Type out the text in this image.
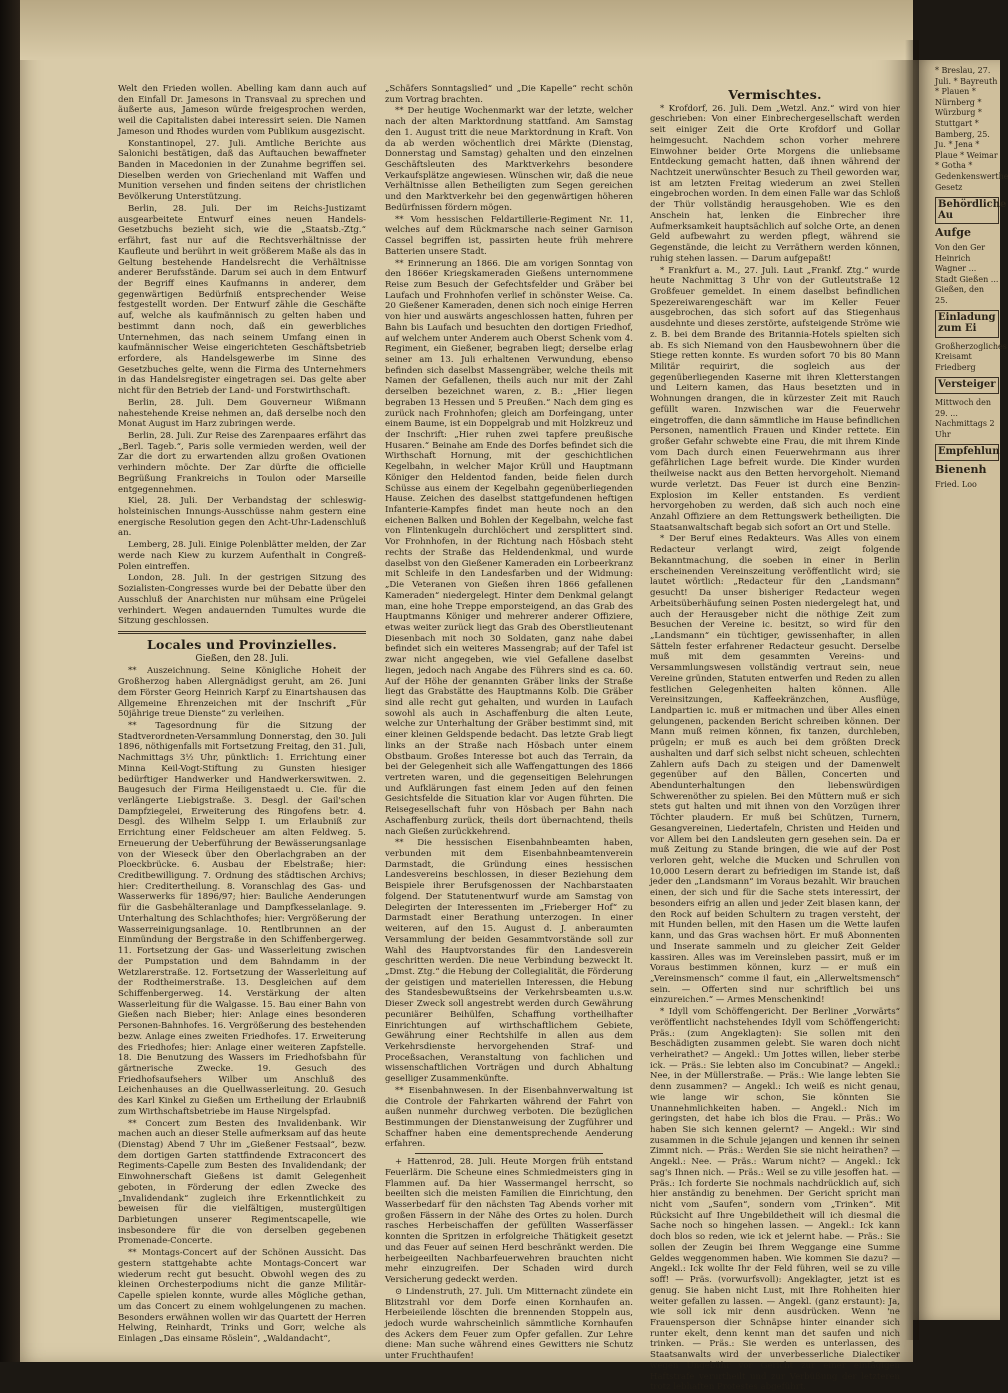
Welt den Frieden wollen. Abelling kam dann auch auf den Einfall Dr. Jamesons in Transvaal zu sprechen und äußerte aus, Jameson würde freigesprochen werden, weil die Capitalisten dabei interessirt seien. Die Namen Jameson und Rhodes wurden vom Publikum ausgezischt.

Konstantinopel, 27. Juli. Amtliche Berichte aus Salonichi bestätigen, daß das Auftauchen bewaffneter Banden in Macedonien in der Zunahme begriffen sei. Dieselben werden von Griechenland mit Waffen und Munition versehen und finden seitens der christlichen Bevölkerung Unterstützung.

Berlin, 28. Juli. Der im Reichs-Justizamt ausgearbeitete Entwurf eines neuen Handels-Gesetzbuchs bezieht sich, wie die „Staatsb.-Ztg.“ erfährt, fast nur auf die Rechtsverhältnisse der Kaufleute und berührt in weit größerem Maße als das in Geltung bestehende Handelsrecht die Verhältnisse anderer Berufsstände. Darum sei auch in dem Entwurf der Begriff eines Kaufmanns in anderer, dem gegenwärtigen Bedürfniß entsprechender Weise festgestellt worden. Der Entwurf zähle die Geschäfte auf, welche als kaufmännisch zu gelten haben und bestimmt dann noch, daß ein gewerbliches Unternehmen, das nach seinem Umfang einen in kaufmännischer Weise eingerichteten Geschäftsbetrieb erfordere, als Handelsgewerbe im Sinne des Gesetzbuches gelte, wenn die Firma des Unternehmers in das Handelsregister eingetragen sei. Das gelte aber nicht für den Betrieb der Land- und Forstwirthschaft.

Berlin, 28. Juli. Dem Gouverneur Wißmann nahestehende Kreise nehmen an, daß derselbe noch den Monat August im Harz zubringen werde.

Berlin, 28. Juli. Zur Reise des Zarenpaares erfährt das „Berl. Tageb.“, Paris solle vermieden werden, weil der Zar die dort zu erwartenden allzu großen Ovationen verhindern möchte. Der Zar dürfte die officielle Begrüßung Frankreichs in Toulon oder Marseille entgegennehmen.

Kiel, 28. Juli. Der Verbandstag der schleswig-holsteinischen Innungs-Ausschüsse nahm gestern eine energische Resolution gegen den Acht-Uhr-Ladenschluß an.

Lemberg, 28. Juli. Einige Polenblätter melden, der Zar werde nach Kiew zu kurzem Aufenthalt in Congreß-Polen eintreffen.

London, 28. Juli. In der gestrigen Sitzung des Sozialisten-Congresses wurde bei der Debatte über den Ausschluß der Anarchisten nur mühsam eine Prügelei verhindert. Wegen andauernden Tumultes wurde die Sitzung geschlossen.

Locales und Provinzielles.
Gießen, den 28. Juli.

** Auszeichnung. Seine Königliche Hoheit der Großherzog haben Allergnädigst geruht, am 26. Juni dem Förster Georg Heinrich Karpf zu Einartshausen das Allgemeine Ehrenzeichen mit der Inschrift „Für 50jährige treue Dienste“ zu verleihen.

** Tagesordnung für die Sitzung der Stadtverordneten-Versammlung Donnerstag, den 30. Juli 1896, nöthigenfalls mit Fortsetzung Freitag, den 31. Juli, Nachmittags 3½ Uhr, pünktlich: 1. Errichtung einer Minna Keil-Vogt-Stiftung zu Gunsten hiesiger bedürftiger Handwerker und Handwerkerswitwen. 2. Baugesuch der Firma Heiligenstaedt u. Cie. für die verlängerte Liebigstraße. 3. Desgl. der Gail'schen Dampfziegelei, Erweiterung des Ringofens betr. 4. Desgl. des Wilhelm Selpp I. um Erlaubniß zur Errichtung einer Feldscheuer am alten Feldweg. 5. Erneuerung der Ueberführung der Bewässerungsanlage von der Wieseck über den Oberlachgraben an der Ploeckbrücke. 6. Ausbau der Ebelstraße; hier: Creditbewilligung. 7. Ordnung des städtischen Archivs; hier: Creditertheilung. 8. Voranschlag des Gas- und Wasserwerks für 1896/97; hier: Bauliche Aenderungen für die Gasbehälteranlage und Dampfkesselanlage. 9. Unterhaltung des Schlachthofes; hier: Vergrößerung der Wasserreinigungsanlage. 10. Rentlbrunnen an der Einmündung der Bergstraße in den Schiffenbergerweg. 11. Fortsetzung der Gas- und Wasserleitung zwischen der Pumpstation und dem Bahndamm in der Wetzlarerstraße. 12. Fortsetzung der Wasserleitung auf der Rodtheimerstraße. 13. Desgleichen auf dem Schiffenbergerweg. 14. Verstärkung der alten Wasserleitung für die Walgasse. 15. Bau einer Bahn von Gießen nach Bieber; hier: Anlage eines besonderen Personen-Bahnhofes. 16. Vergrößerung des bestehenden bezw. Anlage eines zweiten Friedhofes. 17. Erweiterung des Friedhofes; hier: Anlage einer weiteren Zapfstelle. 18. Die Benutzung des Wassers im Friedhofsbahn für gärtnerische Zwecke. 19. Gesuch des Friedhofsaufsehers Wilber um Anschluß des Leichenhauses an die Quellwasserleitung. 20. Gesuch des Karl Kinkel zu Gießen um Ertheilung der Erlaubniß zum Wirthschaftsbetriebe im Hause Nirgelspfad.

** Concert zum Besten des Invalidenbank. Wir machen auch an dieser Stelle aufmerksam auf das heute (Dienstag) Abend 7 Uhr im „Gießener Festsaal“, bezw. dem dortigen Garten stattfindende Extraconcert des Regiments-Capelle zum Besten des Invalidendank; der Einwohnerschaft Gießens ist damit Gelegenheit geboten, in Förderung der edlen Zwecke des „Invalidendank“ zugleich ihre Erkenntlichkeit zu beweisen für die vielfältigen, mustergültigen Darbietungen unserer Regimentscapelle, wie insbesondere für die von derselben gegebenen Promenade-Concerte.

** Montags-Concert auf der Schönen Aussicht. Das gestern stattgehabte achte Montags-Concert war wiederum recht gut besucht. Obwohl wegen des zu kleinen Orchesterpodiums nicht die ganze Militär-Capelle spielen konnte, wurde alles Mögliche gethan, um das Concert zu einem wohlgelungenen zu machen. Besonders erwähnen wollen wir das Quartett der Herren Helwing, Reinhardt, Trinks und Gorr, welche als Einlagen „Das einsame Röslein“, „Waldandacht“,

„Schäfers Sonntagslied“ und „Die Kapelle“ recht schön zum Vortrag brachten.

** Der heutige Wochenmarkt war der letzte, welcher nach der alten Marktordnung stattfand. Am Samstag den 1. August tritt die neue Marktordnung in Kraft. Von da ab werden wöchentlich drei Märkte (Dienstag, Donnerstag und Samstag) gehalten und den einzelnen Geschäftsleuten des Marktverkehrs besondere Verkaufsplätze angewiesen. Wünschen wir, daß die neue Verhältnisse allen Betheiligten zum Segen gereichen und den Marktverkehr bei den gegenwärtigen höheren Bedürfnissen fördern mögen.

** Vom hessischen Feldartillerie-Regiment Nr. 11, welches auf dem Rückmarsche nach seiner Garnison Cassel begriffen ist, passirten heute früh mehrere Batterien unsere Stadt.

** Erinnerung an 1866. Die am vorigen Sonntag von den 1866er Kriegskameraden Gießens unternommene Reise zum Besuch der Gefechtsfelder und Gräber bei Laufach und Frohnhofen verlief in schönster Weise. Ca. 20 Gießener Kameraden, denen sich noch einige Herren von hier und auswärts angeschlossen hatten, fuhren per Bahn bis Laufach und besuchten den dortigen Friedhof, auf welchem unter Anderem auch Oberst Schenk vom 4. Regiment, ein Gießener, begraben liegt; derselbe erlag seiner am 13. Juli erhaltenen Verwundung, ebenso befinden sich daselbst Massengräber, welche theils mit Namen der Gefallenen, theils auch nur mit der Zahl derselben bezeichnet waren, z. B.: „Hier liegen begraben 13 Hessen und 5 Preußen.“ Nach dem ging es zurück nach Frohnhofen; gleich am Dorfeingang, unter einem Baume, ist ein Doppelgrab und mit Holzkreuz und der Inschrift: „Hier ruhen zwei tapfere preußische Husaren.“ Beinahe am Ende des Dorfes befindet sich die Wirthschaft Hornung, mit der geschichtlichen Kegelbahn, in welcher Major Krüll und Hauptmann Königer den Heldentod fanden, beide fielen durch Schüsse aus einem der Kegelbahn gegenüberliegenden Hause. Zeichen des daselbst stattgefundenen heftigen Infanterie-Kampfes findet man heute noch an den eichenen Balken und Bohlen der Kegelbahn, welche fast von Flintenkugeln durchlöchert und zersplittert sind. Vor Frohnhofen, in der Richtung nach Hösbach steht rechts der Straße das Heldendenkmal, und wurde daselbst von den Gießener Kameraden ein Lorbeerkranz mit Schleife in den Landesfarben und der Widmung: „Die Veteranen von Gießen ihren 1866 gefallenen Kameraden“ niedergelegt. Hinter dem Denkmal gelangt man, eine hohe Treppe emporsteigend, an das Grab des Hauptmanns Königer und mehrerer anderer Offiziere, etwas weiter zurück liegt das Grab des Oberstlieutenant Diesenbach mit noch 30 Soldaten, ganz nahe dabei befindet sich ein weiteres Massengrab; auf der Tafel ist zwar nicht angegeben, wie viel Gefallene daselbst liegen, jedoch nach Angabe des Führers sind es ca. 60. Auf der Höhe der genannten Gräber links der Straße liegt das Grabstätte des Hauptmanns Kolb. Die Gräber sind alle recht gut gehalten, und wurden in Laufach sowohl als auch in Aschaffenburg die alten Leute, welche zur Unterhaltung der Gräber bestimmt sind, mit einer kleinen Geldspende bedacht. Das letzte Grab liegt links an der Straße nach Hösbach unter einem Obstbaum. Großes Interesse bot auch das Terrain, da bei der Gelegenheit sich alle Waffengattungen des 1866 vertreten waren, und die gegenseitigen Belehrungen und Aufklärungen fast einem Jeden auf den feinen Gesichtsfelde die Situation klar vor Augen führten. Die Reisegesellschaft fuhr von Hösbach per Bahn nach Aschaffenburg zurück, theils dort übernachtend, theils nach Gießen zurückkehrend.

** Die hessischen Eisenbahnbeamten haben, verbunden mit dem Eisenbahnbeamtenverein Darmstadt, die Gründung eines hessischen Landesvereins beschlossen, in dieser Beziehung dem Beispiele ihrer Berufsgenossen der Nachbarstaaten folgend. Der Statutenentwurf wurde am Samstag von Delegirten der Interessenten im „Frieberger Hof“ zu Darmstadt einer Berathung unterzogen. In einer weiteren, auf den 15. August d. J. anberaumten Versammlung der beiden Gesammtvorstände soll zur Wahl des Hauptvorstandes für den Landesverein geschritten werden. Die neue Verbindung bezweckt lt. „Dmst. Ztg.“ die Hebung der Collegialität, die Förderung der geistigen und materiellen Interessen, die Hebung des Standesbewußtseins der Verkehrsbeamten u.s.w. Dieser Zweck soll angestrebt werden durch Gewährung pecuniärer Beihülfen, Schaffung vortheilhafter Einrichtungen auf wirthschaftlichem Gebiete, Gewährung einer Rechtshilfe in allen aus dem Verkehrsdienste hervorgehenden Straf- und Proceßsachen, Veranstaltung von fachlichen und wissenschaftlichen Vorträgen und durch Abhaltung geselliger Zusammenkünfte.

** Eisenbahnwesen. In der Eisenbahnverwaltung ist die Controle der Fahrkarten während der Fahrt von außen nunmehr durchweg verboten. Die bezüglichen Bestimmungen der Dienstanweisung der Zugführer und Schaffner haben eine dementsprechende Aenderung erfahren.

+ Hattenrod, 28. Juli. Heute Morgen früh entstand Feuerlärm. Die Scheune eines Schmiedmeisters ging in Flammen auf. Da hier Wassermangel herrscht, so beeilten sich die meisten Familien die Einrichtung, den Wasserbedarf für den nächsten Tag Abends vorher mit großen Fässern in der Nähe des Ortes zu holen. Durch rasches Herbeischaffen der gefüllten Wasserfässer konnten die Spritzen in erfolgreiche Thätigkeit gesetzt und das Feuer auf seinen Herd beschränkt werden. Die herbeigeeilten Nachbarfeuerwehren brauchten nicht mehr einzugreifen. Der Schaden wird durch Versicherung gedeckt werden.

⊙ Lindenstruth, 27. Juli. Um Mitternacht zündete ein Blitzstrahl vor dem Dorfe einen Kornhaufen an. Herbeieilende löschten die brennenden Stoppeln aus, jedoch wurde wahrscheinlich sämmtliche Kornhaufen des Ackers dem Feuer zum Opfer gefallen. Zur Lehre diene: Man suche während eines Gewitters nie Schutz unter Fruchthaufen!

Vermischtes.

* Krofdorf, 26. Juli. Dem „Wetzl. Anz.“ wird von hier geschrieben: Von einer Einbrechergesellschaft werden seit einiger Zeit die Orte Krofdorf und Gollar heimgesucht. Nachdem schon vorher mehrere Einwohner beider Orte Morgens die unliebsame Entdeckung gemacht hatten, daß ihnen während der Nachtzeit unerwünschter Besuch zu Theil geworden war, ist am letzten Freitag wiederum an zwei Stellen eingebrochen worden. In dem einen Falle war das Schloß der Thür vollständig herausgehoben. Wie es den Anschein hat, lenken die Einbrecher ihre Aufmerksamkeit hauptsächlich auf solche Orte, an denen Geld aufbewahrt zu werden pflegt, während sie Gegenstände, die leicht zu Verräthern werden können, ruhig stehen lassen. — Darum aufgepaßt!

* Frankfurt a. M., 27. Juli. Laut „Frankf. Ztg.“ wurde heute Nachmittag 3 Uhr von der Gutleutstraße 12 Großfeuer gemeldet. In einem daselbst befindlichen Spezereiwarengeschäft war im Keller Feuer ausgebrochen, das sich sofort auf das Stiegenhaus ausdehnte und dieses zerstörte, aufsteigende Ströme wie z. B. bei dem Brande des Britannia-Hotels spielten sich ab. Es sich Niemand von den Hausbewohnern über die Stiege retten konnte. Es wurden sofort 70 bis 80 Mann Militär requirirt, die sogleich aus der gegenüberliegenden Kaserne mit ihren Kletterstangen und Leitern kamen, das Haus besetzten und in Wohnungen drangen, die in kürzester Zeit mit Rauch gefüllt waren. Inzwischen war die Feuerwehr eingetroffen, die dann sämmtliche im Hause befindlichen Personen, namentlich Frauen und Kinder rettete. Ein großer Gefahr schwebte eine Frau, die mit ihrem Kinde vom Dach durch einen Feuerwehrmann aus ihrer gefährlichen Lage befreit wurde. Die Kinder wurden theilweise nackt aus den Betten hervorgeholt. Niemand wurde verletzt. Das Feuer ist durch eine Benzin-Explosion im Keller entstanden. Es verdient hervorgehoben zu werden, daß sich auch noch eine Anzahl Offiziere an dem Rettungswerk betheiligten. Die Staatsanwaltschaft begab sich sofort an Ort und Stelle.

* Der Beruf eines Redakteurs. Was Alles von einem Redacteur verlangt wird, zeigt folgende Bekanntmachung, die soeben in einer in Berlin erscheinenden Vereinszeitung veröffentlicht wird; sie lautet wörtlich: „Redacteur für den „Landsmann“ gesucht! Da unser bisheriger Redacteur wegen Arbeitsüberhäufung seinen Posten niedergelegt hat, und auch der Herausgeber nicht die nöthige Zeit zum Besuchen der Vereine ic. besitzt, so wird für den „Landsmann“ ein tüchtiger, gewissenhafter, in allen Sätteln fester erfahrener Redacteur gesucht. Derselbe muß mit dem gesammten Vereins- und Versammlungswesen vollständig vertraut sein, neue Vereine gründen, Statuten entwerfen und Reden zu allen festlichen Gelegenheiten halten können. Alle Vereinsitzungen, Kaffeekränzchen, Ausflüge, Landpartien ic. muß er mitmachen und über Alles einen gelungenen, packenden Bericht schreiben können. Der Mann muß reimen können, fix tanzen, durchleben, prügeln; er muß es auch bei dem größten Dreck aushalten und darf sich selbst nicht scheuen, schlechten Zahlern aufs Dach zu steigen und der Damenwelt gegenüber auf den Bällen, Concerten und Abendunterhaltungen den liebenswürdigen Schwerenöther zu spielen. Bei den Müttern muß er sich stets gut halten und mit ihnen von den Vorzügen ihrer Töchter plaudern. Er muß bei Schützen, Turnern, Gesangvereinen, Liedertafeln, Christen und Heiden und vor Allem bei den Landsleuten gern gesehen sein. Da er muß Zeitung zu Stande bringen, die wie auf der Post verloren geht, welche die Mucken und Schrullen von 10,000 Lesern derart zu befriedigen im Stande ist, daß jeder den „Landsmann“ im Voraus bezahlt. Wir brauchen einen, der sich und für die Sache stets interessirt, der besonders eifrig an allen und jeder Zeit blasen kann, der den Rock auf beiden Schultern zu tragen versteht, der mit Hunden bellen, mit den Hasen um die Wette laufen kann, und das Gras wachsen hört. Er muß Abonnenten und Inserate sammeln und zu gleicher Zeit Gelder kassiren. Alles was im Vereinsleben passirt, muß er im Voraus bestimmen können, kurz — er muß ein „Vereinsmensch“ comme il faut, ein „Allerweltsmensch“ sein. — Offerten sind nur schriftlich bei uns einzureichen.“ — Armes Menschenkind!

* Idyll vom Schöffengericht. Der Berliner „Vorwärts“ veröffentlicht nachstehendes Idyll vom Schöffengericht: Präs.: (zum Angeklagten): Sie sollen mit den Beschädigten zusammen gelebt. Sie waren doch nicht verheirathet? — Angekl.: Um Jottes willen, lieber sterbe ick. — Präs.: Sie lebten also im Concubinat? — Angekl.: Nee, in der Müllerstraße. — Präs.: Wie lange lebten Sie denn zusammen? — Angekl.: Ich weiß es nicht genau, wie lange wir schon, Sie könnten Sie Unannehmlichkeiten haben. — Angekl.: Nich im geringsten, det habe ich blos die Frau. — Präs.: Wo haben Sie sich kennen gelernt? — Angekl.: Wir sind zusammen in die Schule jejangen und kennen ihr seinen Zimmt nich. — Präs.: Werden Sie sie nicht heirathen? — Angekl.: Nee. — Präs.: Warum nicht? — Angekl.: Ick sag's Ihnen nich. — Präs.: Weil se zu ville jesoffen hat. — Präs.: Ich forderte Sie nochmals nachdrücklich auf, sich hier anständig zu benehmen. Der Gericht spricht man nicht vom „Saufen“, sondern vom „Trinken“. Mit Rücksicht auf Ihre Ungebildetheit will ich diesmal die Sache noch so hingehen lassen. — Angekl.: Ick kann doch blos so reden, wie ick et jelernt habe. — Präs.: Sie sollen der Zeugin bei Ihrem Weggange eine Summe Geldes weggenommen haben. Wie kommen Sie dazu? — Angekl.: Ick wollte Ihr der Feld führen, weil se zu ville soff! — Präs. (vorwurfsvoll): Angeklagter, jetzt ist es genug. Sie haben nicht Lust, mit Ihre Rohheiten hier weiter gefallen zu lassen. — Angekl. (ganz erstaunt): Ja, wie soll ick mir denn ausdrücken. Wenn 'ne Frauensperson dier Schnäpse hinter einander sich runter ekelt, denn kennt man det saufen und nich trinken. — Präs.: Sie werden es unterlassen, des Staatsanwalts wird der unverbesserliche Dialectiker wegen Ungebühr vor Gericht zur einer eintägigen Haftstrafe verurtheilt und zur Verbüßung der letzteren trotz lebhaften Protestes abgeführt.

* Breslau, 27. Juli. * Bayreuth * Plauen * Nürnberg * Würzburg * Stuttgart * Bamberg, 25. Ju. * Jena * Plaue * Weimar * Gotha * Gedenkenswerthe Gesetz
Behördliche Au
Aufge
Von den Ger Heinrich Wagner ... Stadt Gießen ... Gießen, den 25.
Einladung zum Ei
Großherzogliches Kreisamt Friedberg
Versteiger
Mittwoch den 29. ... Nachmittags 2 Uhr
Empfehlun
Bienenh
Fried. Loo
